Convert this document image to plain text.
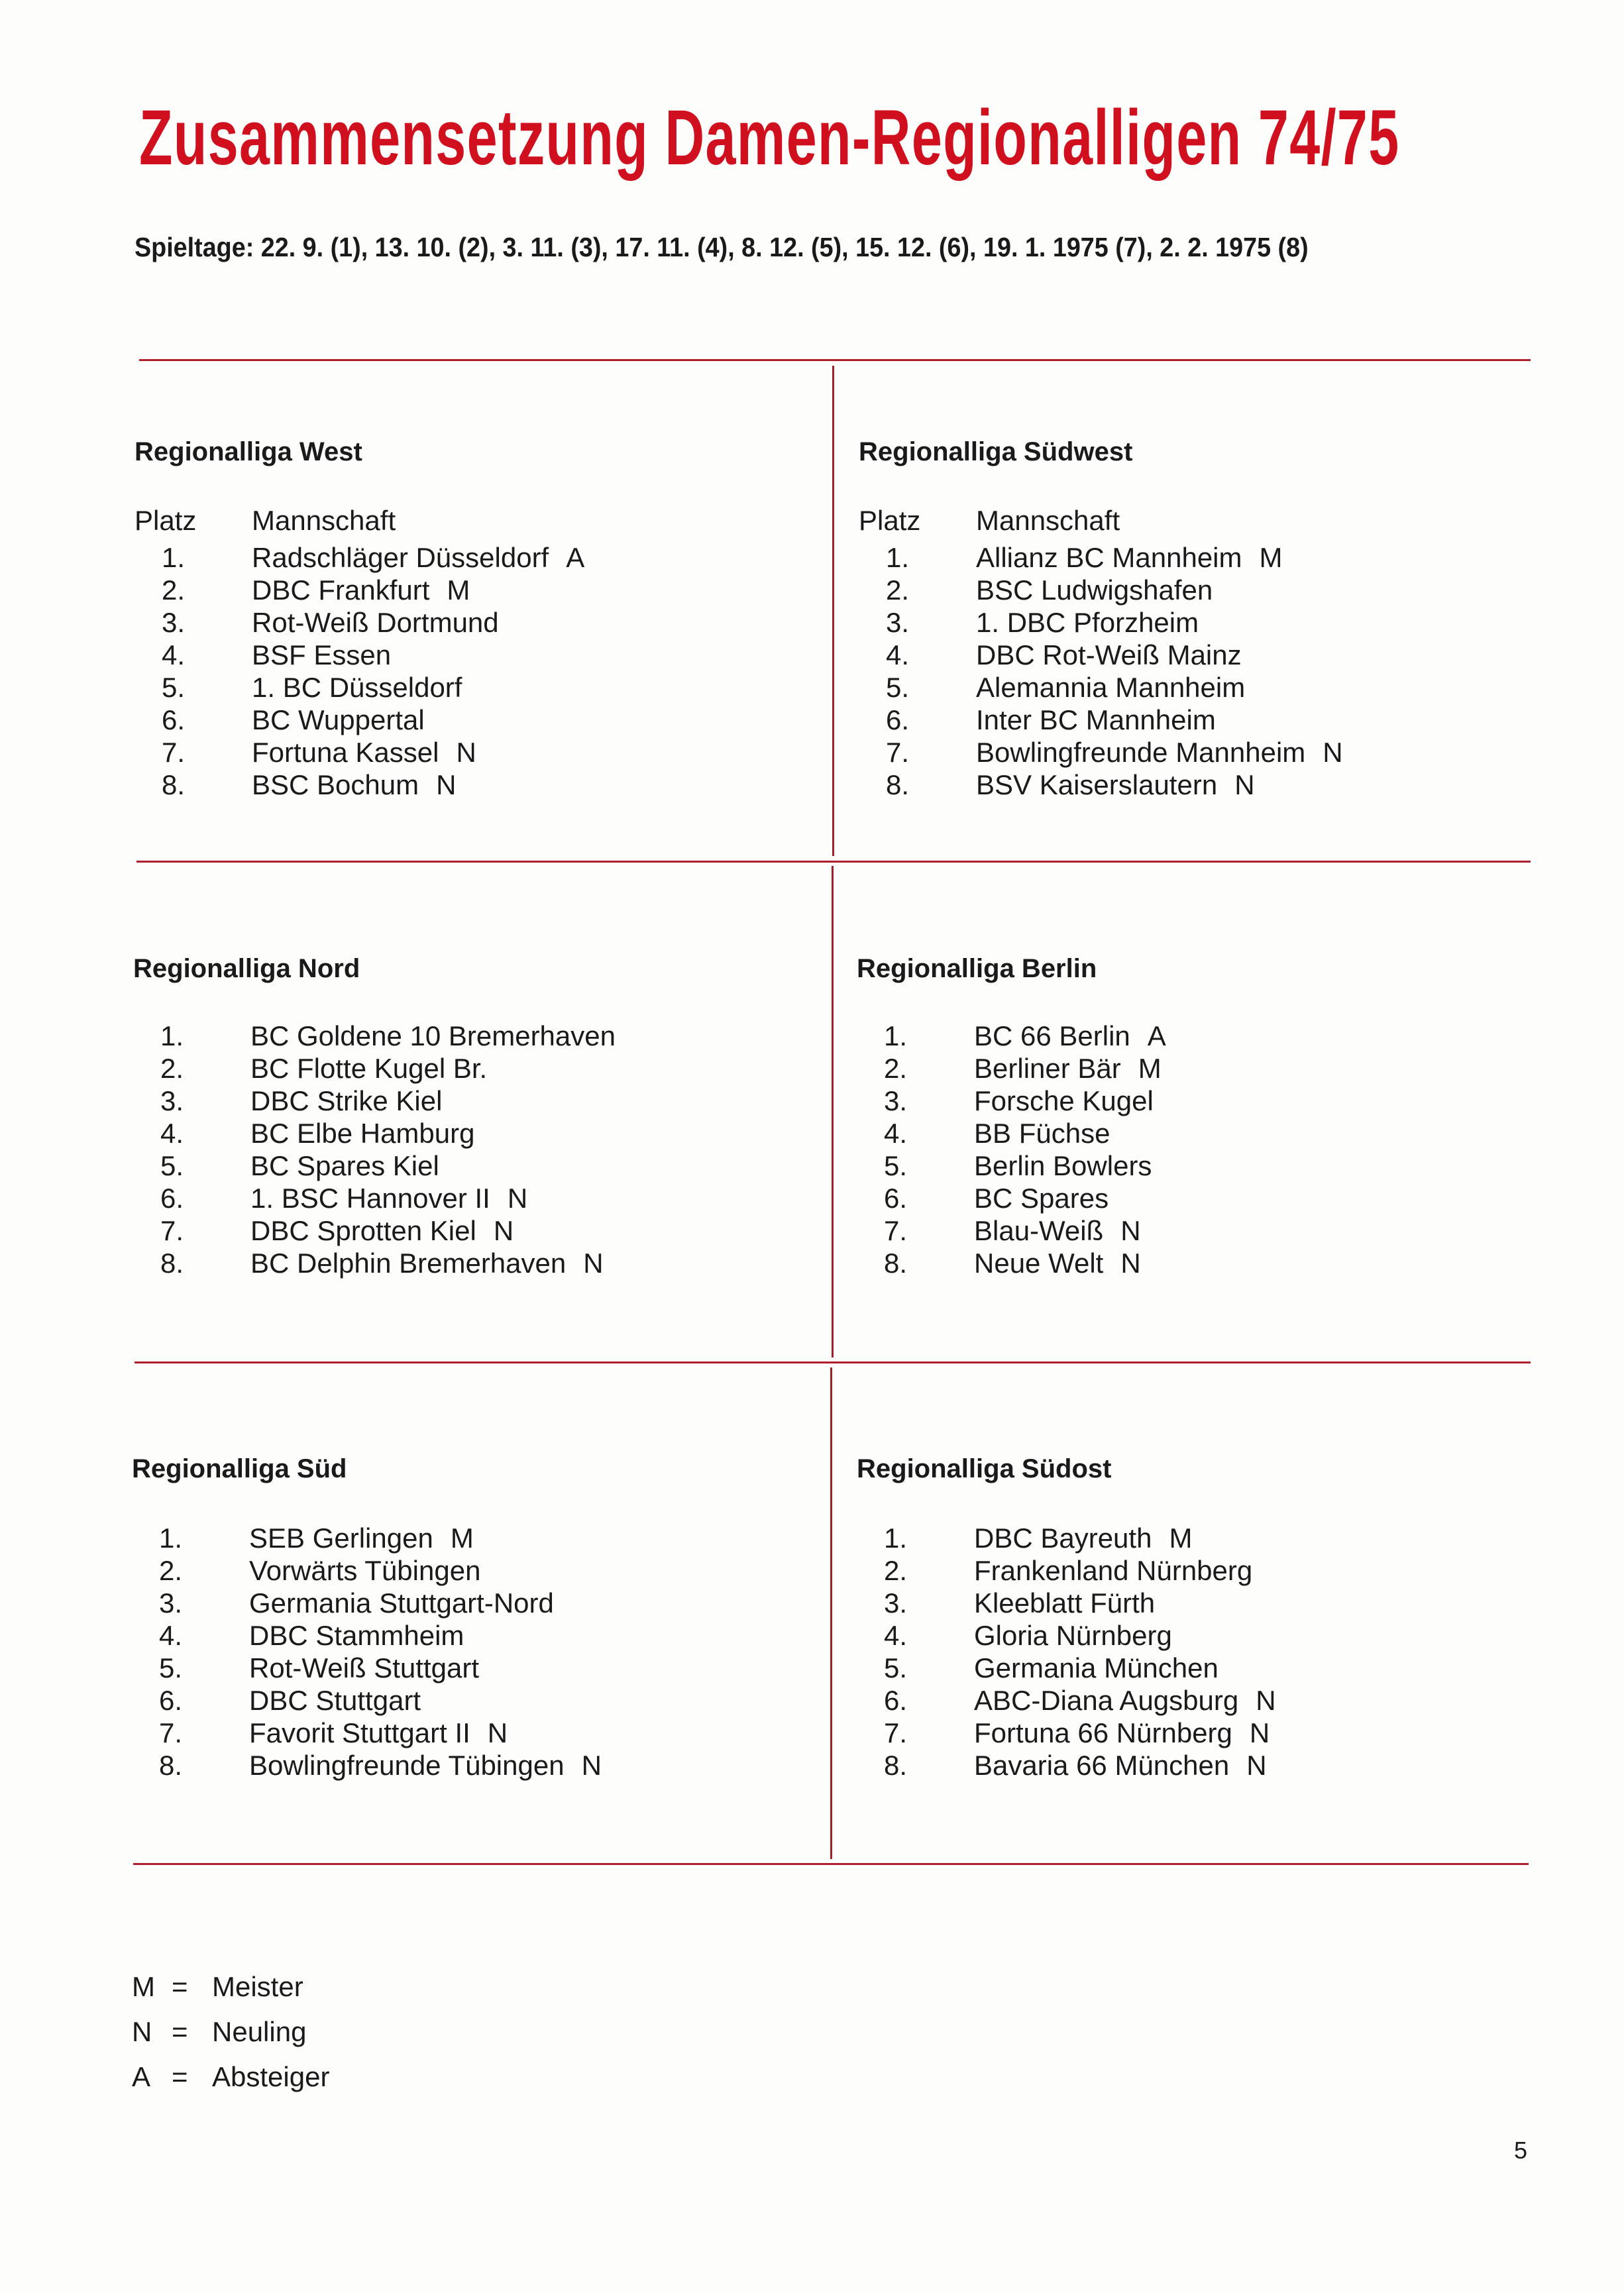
Zusammensetzung Damen-Regionalligen 74/75
Spieltage: 22. 9. (1), 13. 10. (2), 3. 11. (3), 17. 11. (4), 8. 12. (5), 15. 12. (6), 19. 1. 1975 (7), 2. 2. 1975 (8)
Regionalliga West
Platz Mannschaft
1. Radschläger Düsseldorf A
2. DBC Frankfurt M
3. Rot-Weiß Dortmund
4. BSF Essen
5. 1. BC Düsseldorf
6. BC Wuppertal
7. Fortuna Kassel N
8. BSC Bochum N
Regionalliga Südwest
Platz Mannschaft
1. Allianz BC Mannheim M
2. BSC Ludwigshafen
3. 1. DBC Pforzheim
4. DBC Rot-Weiß Mainz
5. Alemannia Mannheim
6. Inter BC Mannheim
7. Bowlingfreunde Mannheim N
8. BSV Kaiserslautern N
Regionalliga Nord
1. BC Goldene 10 Bremerhaven
2. BC Flotte Kugel Br.
3. DBC Strike Kiel
4. BC Elbe Hamburg
5. BC Spares Kiel
6. 1. BSC Hannover II N
7. DBC Sprotten Kiel N
8. BC Delphin Bremerhaven N
Regionalliga Berlin
1. BC 66 Berlin A
2. Berliner Bär M
3. Forsche Kugel
4. BB Füchse
5. Berlin Bowlers
6. BC Spares
7. Blau-Weiß N
8. Neue Welt N
Regionalliga Süd
1. SEB Gerlingen M
2. Vorwärts Tübingen
3. Germania Stuttgart-Nord
4. DBC Stammheim
5. Rot-Weiß Stuttgart
6. DBC Stuttgart
7. Favorit Stuttgart II N
8. Bowlingfreunde Tübingen N
Regionalliga Südost
1. DBC Bayreuth M
2. Frankenland Nürnberg
3. Kleeblatt Fürth
4. Gloria Nürnberg
5. Germania München
6. ABC-Diana Augsburg N
7. Fortuna 66 Nürnberg N
8. Bavaria 66 München N
M = Meister
N = Neuling
A = Absteiger
5
